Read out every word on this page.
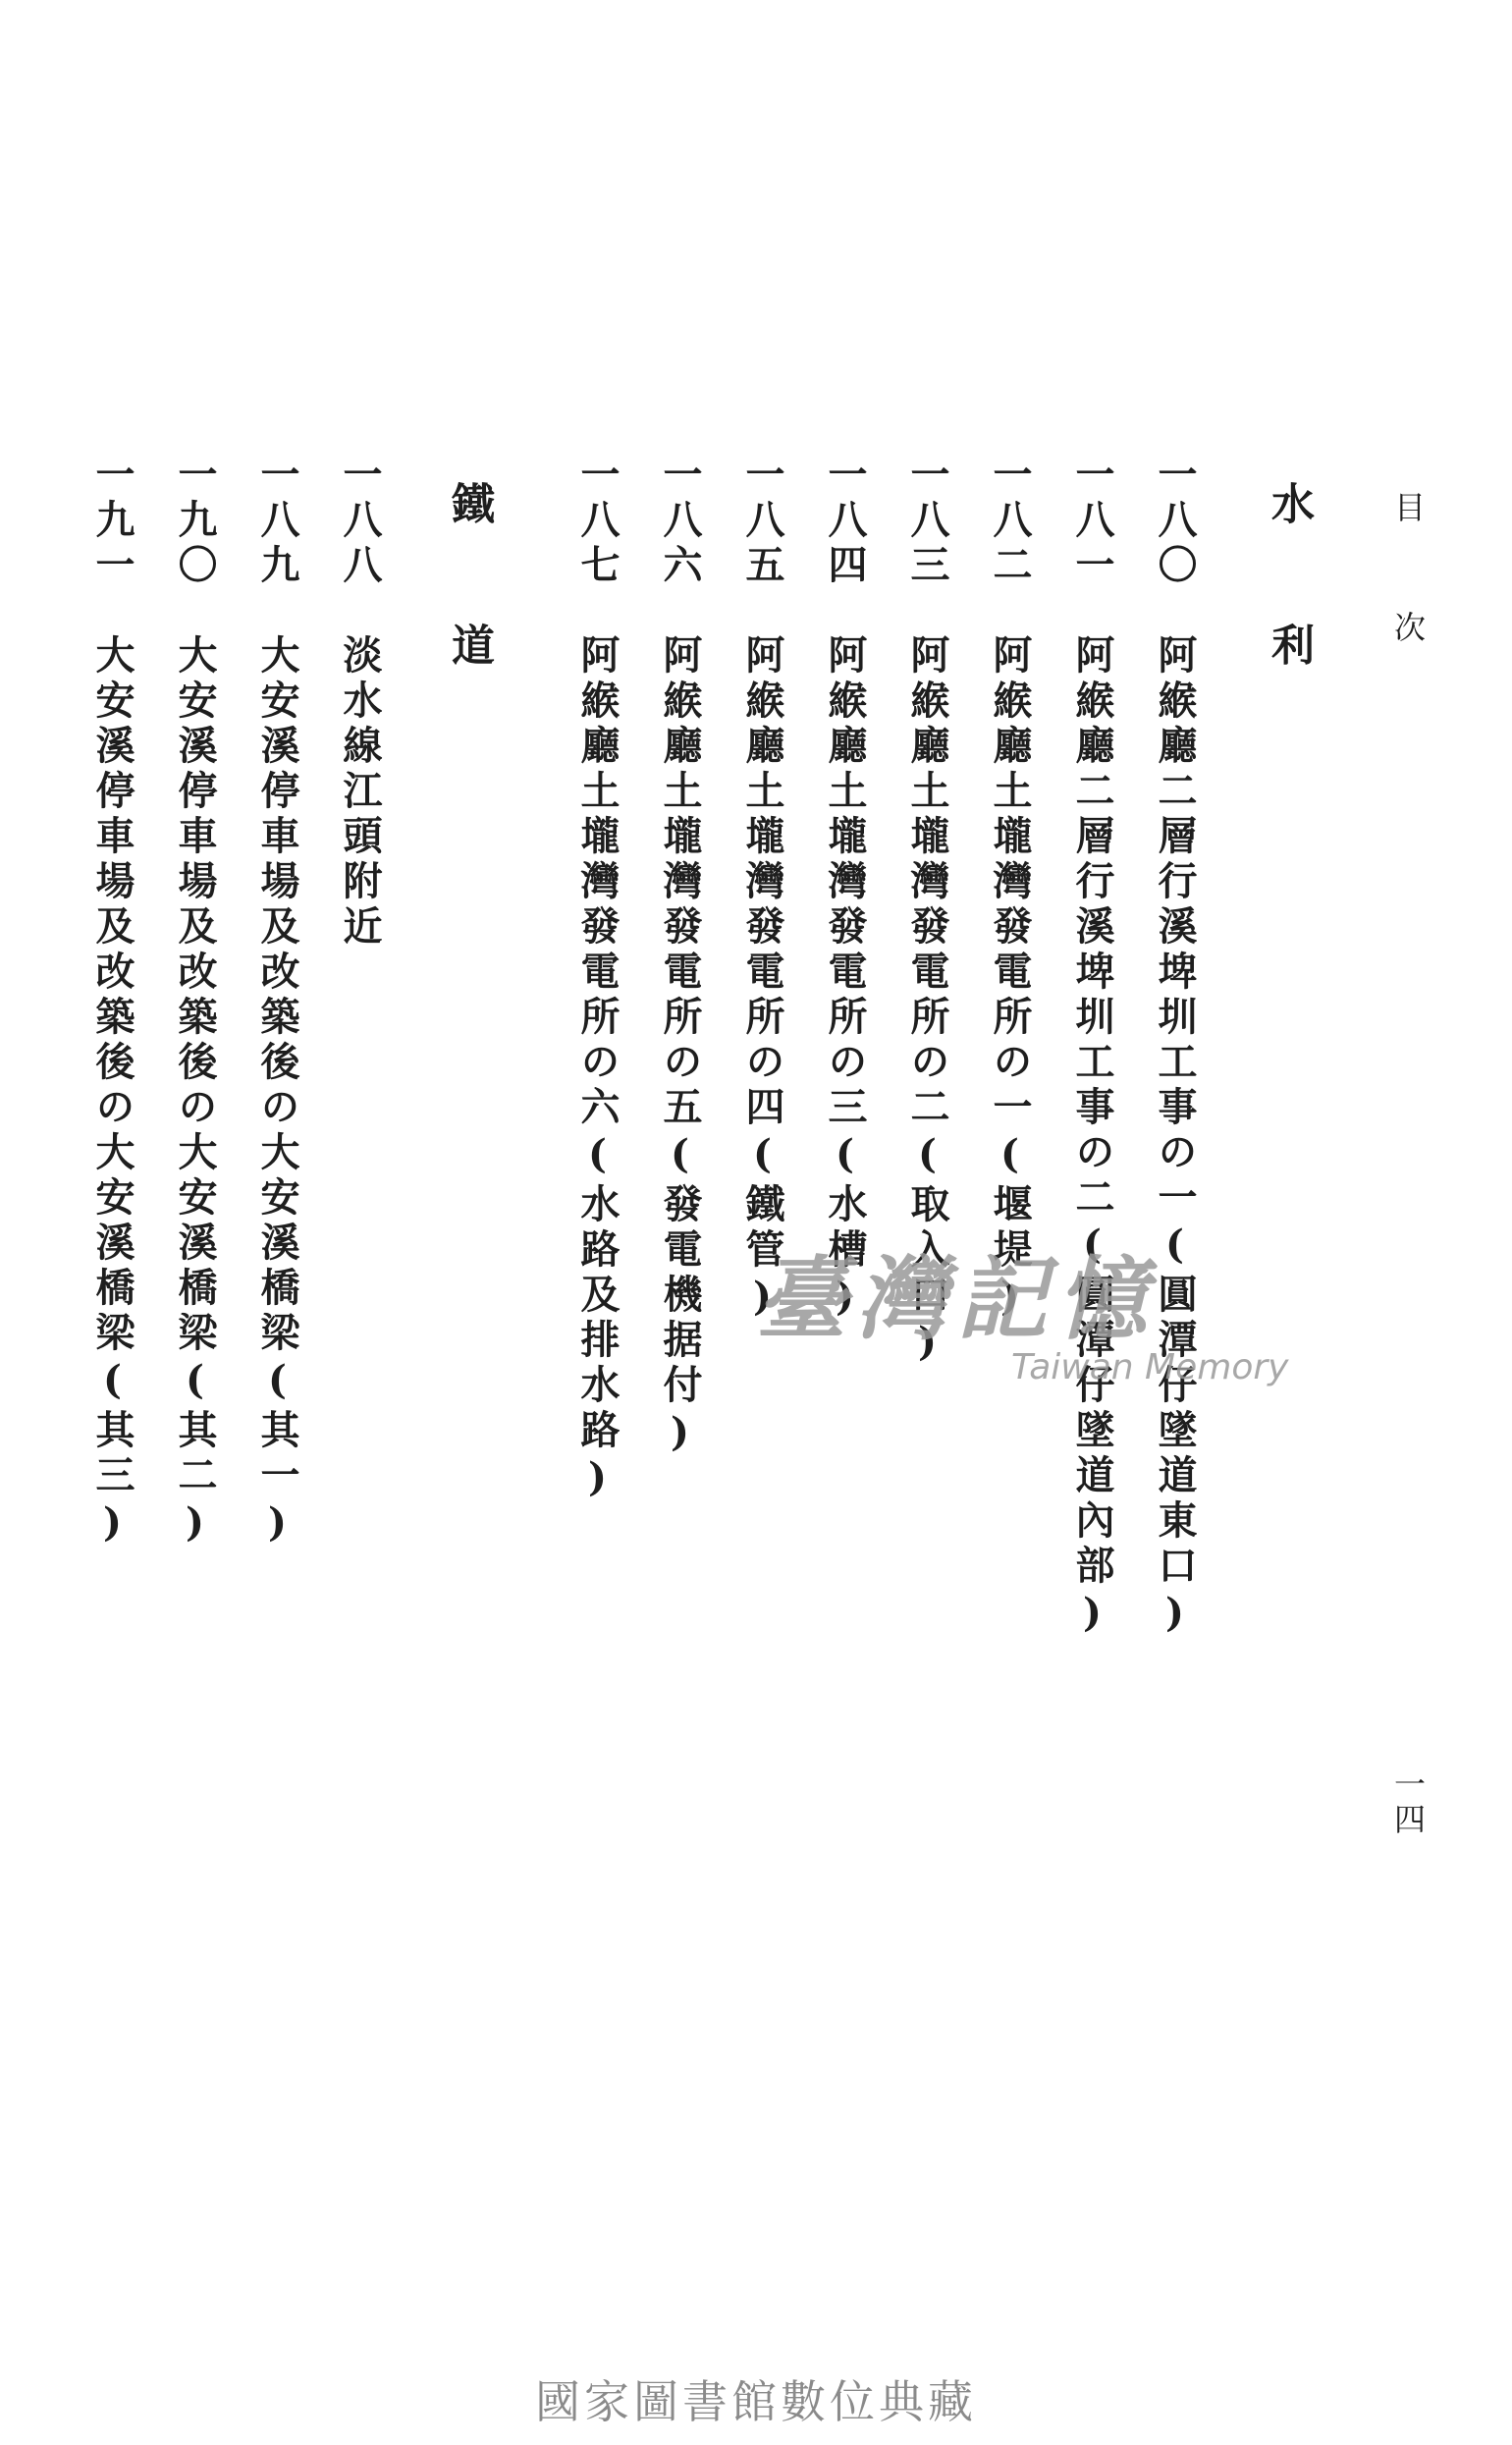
目次
一四
水利
一八〇
阿緱廳二層行溪埤圳工事の一(圓潭仔墜道東口)
一八一
阿緱廳二層行溪埤圳工事の二(圓潭仔墜道內部)
一八二
阿緱廳土壠灣發電所の一(堰堤)
一八三
阿緱廳土壠灣發電所の二(取入口)
一八四
阿緱廳土壠灣發電所の三(水槽)
一八五
阿緱廳土壠灣發電所の四(鐵管)
一八六
阿緱廳土壠灣發電所の五(發電機据付)
一八七
阿緱廳土壠灣發電所の六(水路及排水路)
鐵道
一八八
淡水線江頭附近
一八九
大安溪停車場及改築後の大安溪橋梁(其一)
一九〇
大安溪停車場及改築後の大安溪橋梁(其二)
一九一
大安溪停車場及改築後の大安溪橋梁(其三)	臺灣記憶
Taiwan Memory
國家圖書館數位典藏
